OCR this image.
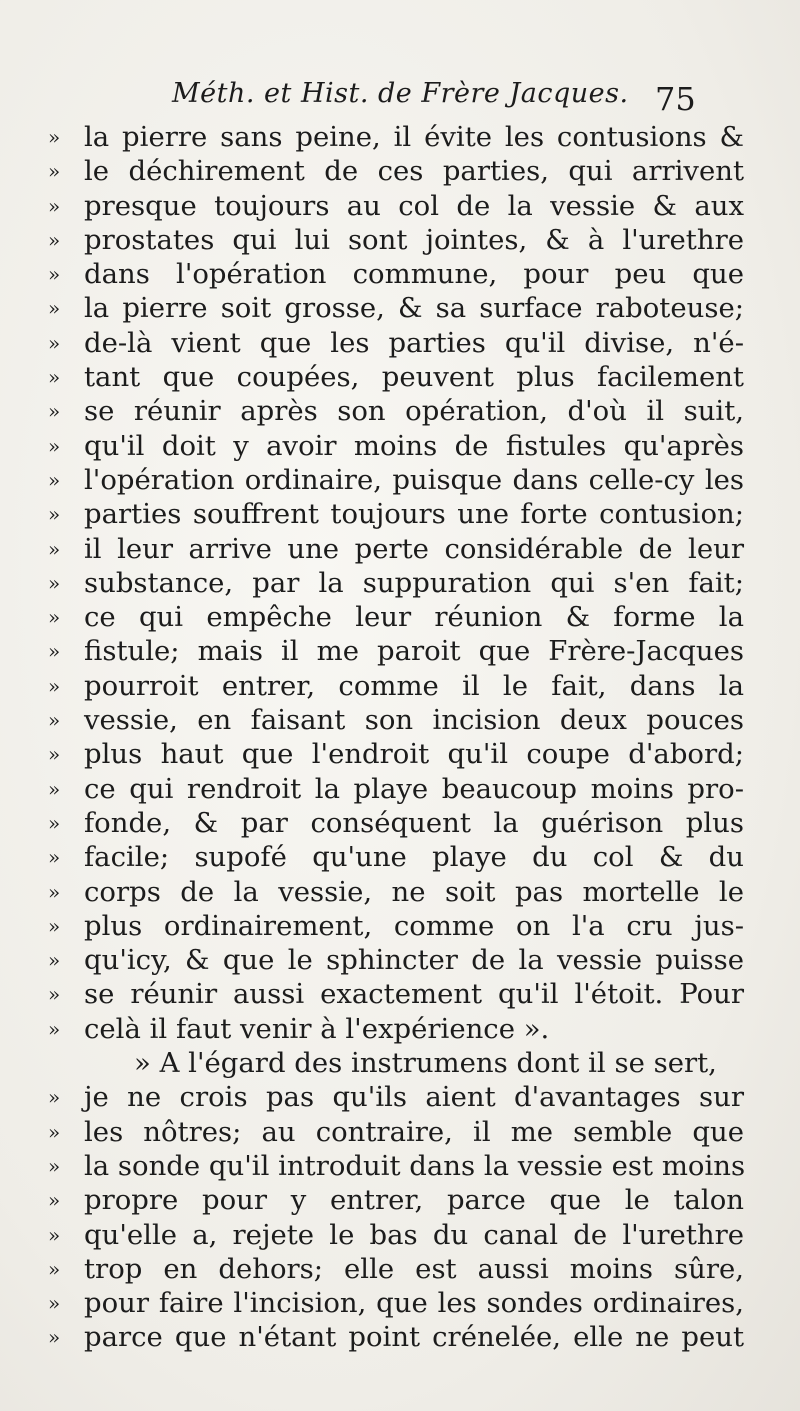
Méth. et Hist. de Frère Jacques. 75
» la pierre sans peine, il évite les contusions &
» le déchirement de ces parties, qui arrivent
» presque toujours au col de la vessie & aux
» prostates qui lui sont jointes, & à l'urethre
» dans l'opération commune, pour peu que
» la pierre soit grosse, & sa surface raboteuse;
» de-là vient que les parties qu'il divise, n'é-
» tant que coupées, peuvent plus facilement
» se réunir après son opération, d'où il suit,
» qu'il doit y avoir moins de fistules qu'après
» l'opération ordinaire, puisque dans celle-cy les
» parties souffrent toujours une forte contusion;
» il leur arrive une perte considérable de leur
» substance, par la suppuration qui s'en fait;
» ce qui empêche leur réunion & forme la
» fistule; mais il me paroit que Frère-Jacques
» pourroit entrer, comme il le fait, dans la
» vessie, en faisant son incision deux pouces
» plus haut que l'endroit qu'il coupe d'abord;
» ce qui rendroit la playe beaucoup moins pro-
» fonde, & par conséquent la guérison plus
» facile; supofé qu'une playe du col & du
» corps de la vessie, ne soit pas mortelle le
» plus ordinairement, comme on l'a cru jus-
» qu'icy, & que le sphincter de la vessie puisse
» se réunir aussi exactement qu'il l'étoit. Pour
» celà il faut venir à l'expérience ».
» A l'égard des instrumens dont il se sert,
» je ne crois pas qu'ils aient d'avantages sur
» les nôtres; au contraire, il me semble que
» la sonde qu'il introduit dans la vessie est moins
» propre pour y entrer, parce que le talon
» qu'elle a, rejete le bas du canal de l'urethre
» trop en dehors; elle est aussi moins sûre,
» pour faire l'incision, que les sondes ordinaires,
» parce que n'étant point crénelée, elle ne peut
